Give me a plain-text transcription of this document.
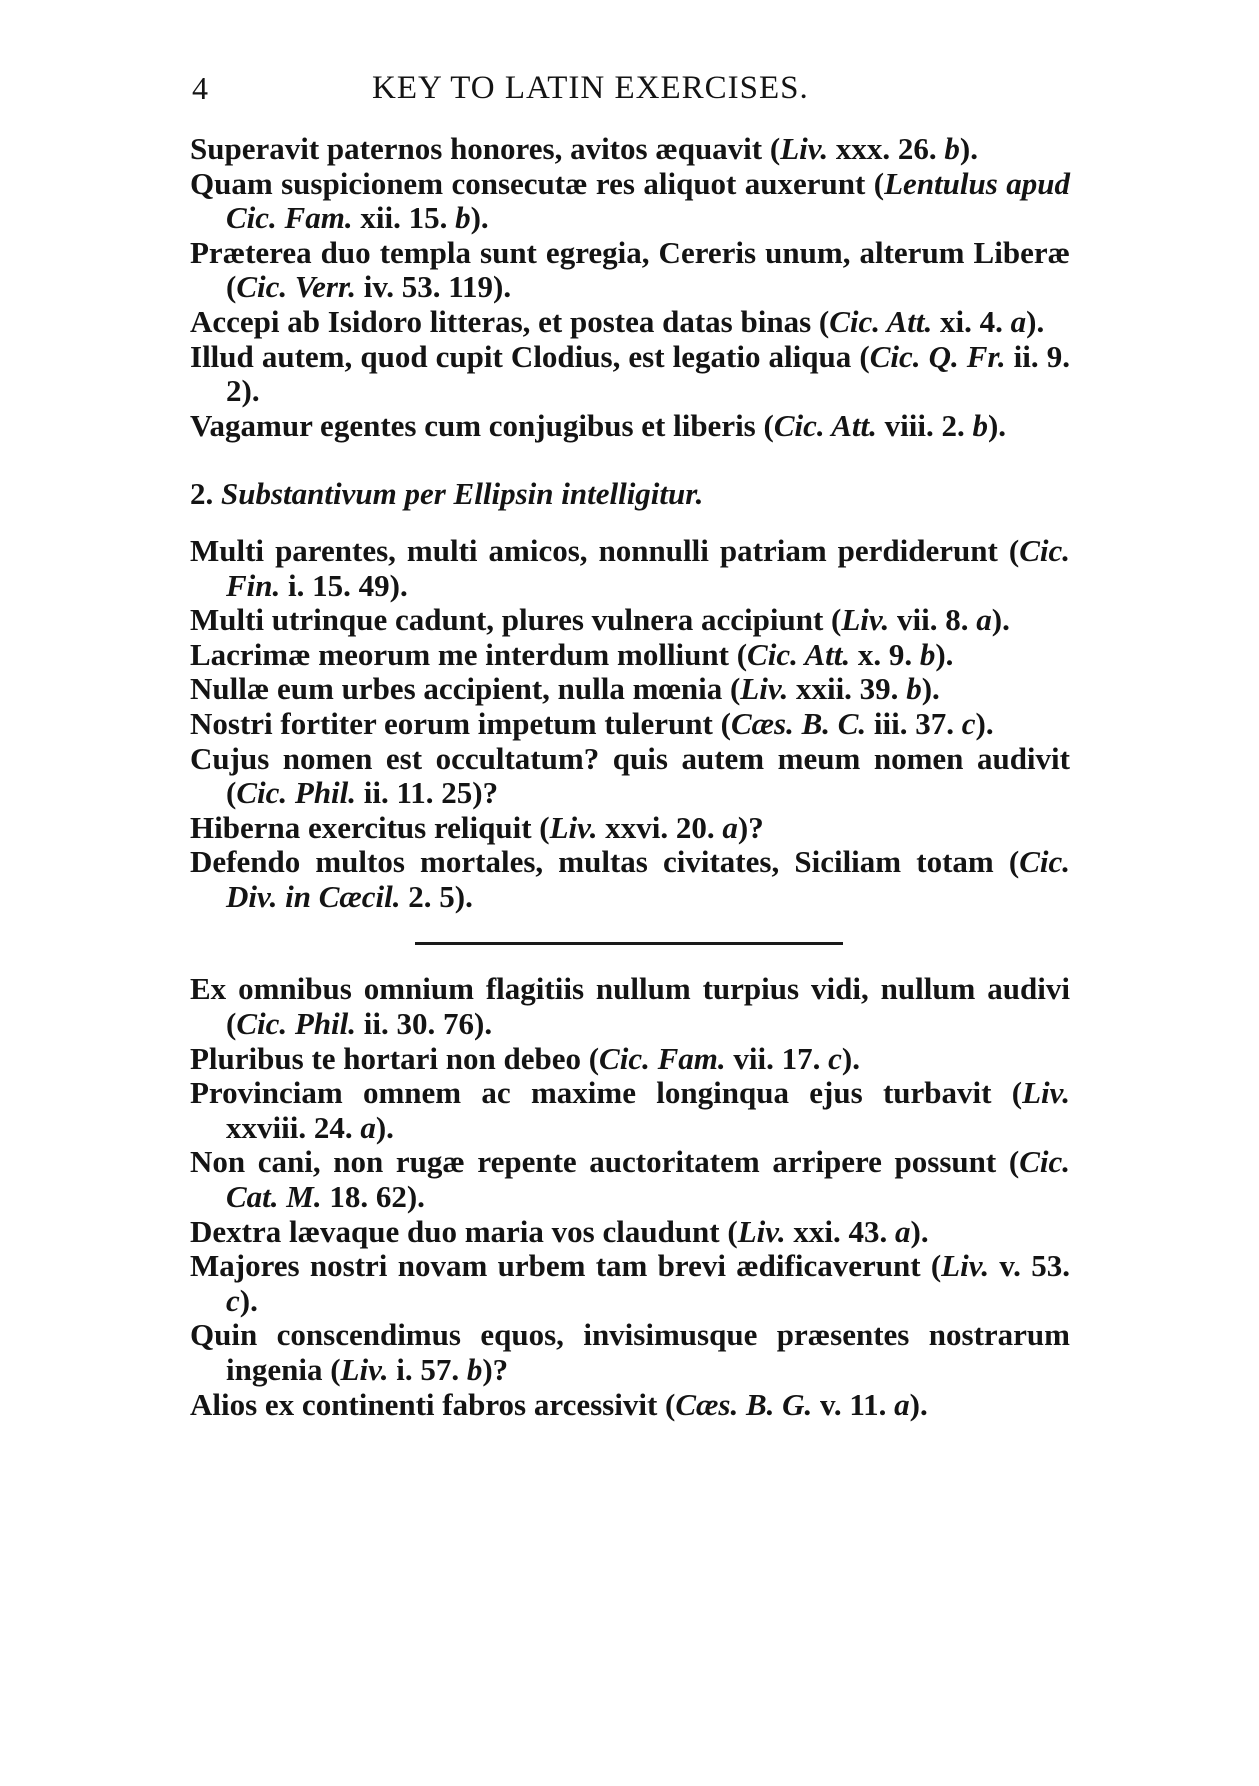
4	KEY TO LATIN EXERCISES.

Superavit paternos honores, avitos æquavit (Liv. xxx. 26. b).

Quam suspicionem consecutæ res aliquot auxerunt (Lentulus apud Cic. Fam. xii. 15. b).

Præterea duo templa sunt egregia, Cereris unum, alterum Liberæ (Cic. Verr. iv. 53. 119).

Accepi ab Isidoro litteras, et postea datas binas (Cic. Att. xi. 4. a).

Illud autem, quod cupit Clodius, est legatio aliqua (Cic. Q. Fr. ii. 9. 2).

Vagamur egentes cum conjugibus et liberis (Cic. Att. viii. 2. b).

2. Substantivum per Ellipsin intelligitur.

Multi parentes, multi amicos, nonnulli patriam perdiderunt (Cic. Fin. i. 15. 49).

Multi utrinque cadunt, plures vulnera accipiunt (Liv. vii. 8. a).

Lacrimæ meorum me interdum molliunt (Cic. Att. x. 9. b).

Nullæ eum urbes accipient, nulla mœnia (Liv. xxii. 39. b).

Nostri fortiter eorum impetum tulerunt (Cæs. B. C. iii. 37. c).

Cujus nomen est occultatum? quis autem meum nomen audivit (Cic. Phil. ii. 11. 25)?

Hiberna exercitus reliquit (Liv. xxvi. 20. a)?

Defendo multos mortales, multas civitates, Siciliam totam (Cic. Div. in Cæcil. 2. 5).

Ex omnibus omnium flagitiis nullum turpius vidi, nullum audivi (Cic. Phil. ii. 30. 76).

Pluribus te hortari non debeo (Cic. Fam. vii. 17. c).

Provinciam omnem ac maxime longinqua ejus turbavit (Liv. xxviii. 24. a).

Non cani, non rugæ repente auctoritatem arripere possunt (Cic. Cat. M. 18. 62).

Dextra lævaque duo maria vos claudunt (Liv. xxi. 43. a).

Majores nostri novam urbem tam brevi ædificaverunt (Liv. v. 53. c).

Quin conscendimus equos, invisimusque præsentes nostrarum ingenia (Liv. i. 57. b)?

Alios ex continenti fabros arcessivit (Cæs. B. G. v. 11. a).
